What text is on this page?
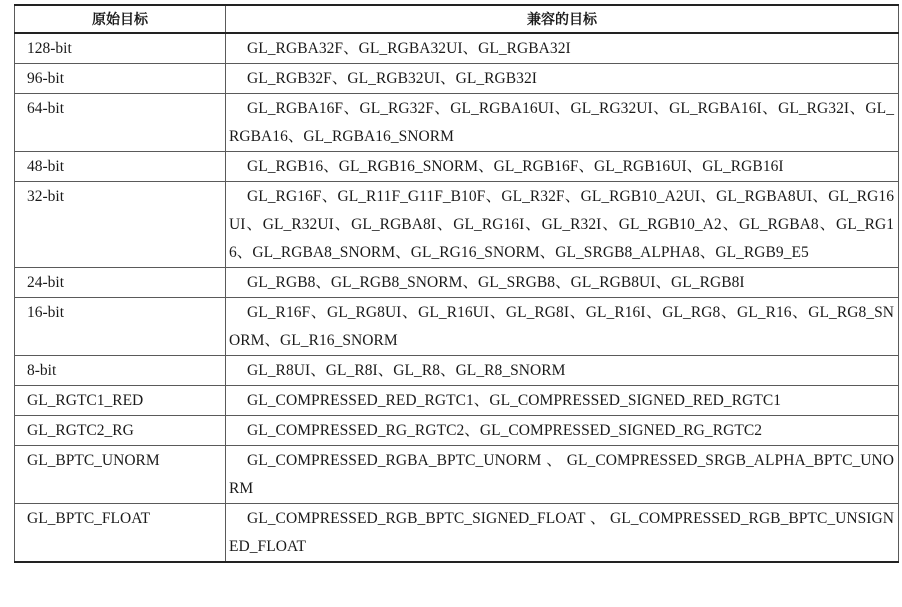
原始目标	兼容的目标
128-bit	GL_RGBA32F、GL_RGBA32UI、GL_RGBA32I
96-bit	GL_RGB32F、GL_RGB32UI、GL_RGB32I
64-bit	GL_RGBA16F、GL_RG32F、GL_RGBA16UI、GL_RG32UI、GL_RGBA16I、GL_RG32I、GL_RGBA16、GL_RGBA16_SNORM
48-bit	GL_RGB16、GL_RGB16_SNORM、GL_RGB16F、GL_RGB16UI、GL_RGB16I
32-bit	GL_RG16F、GL_R11F_G11F_B10F、GL_R32F、GL_RGB10_A2UI、GL_RGBA8UI、GL_RG16UI、GL_R32UI、GL_RGBA8I、GL_RG16I、GL_R32I、GL_RGB10_A2、GL_RGBA8、GL_RG16、GL_RGBA8_SNORM、GL_RG16_SNORM、GL_SRGB8_ALPHA8、GL_RGB9_E5
24-bit	GL_RGB8、GL_RGB8_SNORM、GL_SRGB8、GL_RGB8UI、GL_RGB8I
16-bit	GL_R16F、GL_RG8UI、GL_R16UI、GL_RG8I、GL_R16I、GL_RG8、GL_R16、GL_RG8_SNORM、GL_R16_SNORM
8-bit	GL_R8UI、GL_R8I、GL_R8、GL_R8_SNORM
GL_RGTC1_RED	GL_COMPRESSED_RED_RGTC1、GL_COMPRESSED_SIGNED_RED_RGTC1
GL_RGTC2_RG	GL_COMPRESSED_RG_RGTC2、GL_COMPRESSED_SIGNED_RG_RGTC2
GL_BPTC_UNORM	GL_COMPRESSED_RGBA_BPTC_UNORM、GL_COMPRESSED_SRGB_ALPHA_BPTC_UNORM
GL_BPTC_FLOAT	GL_COMPRESSED_RGB_BPTC_SIGNED_FLOAT、GL_COMPRESSED_RGB_BPTC_UNSIGNED_FLOAT
